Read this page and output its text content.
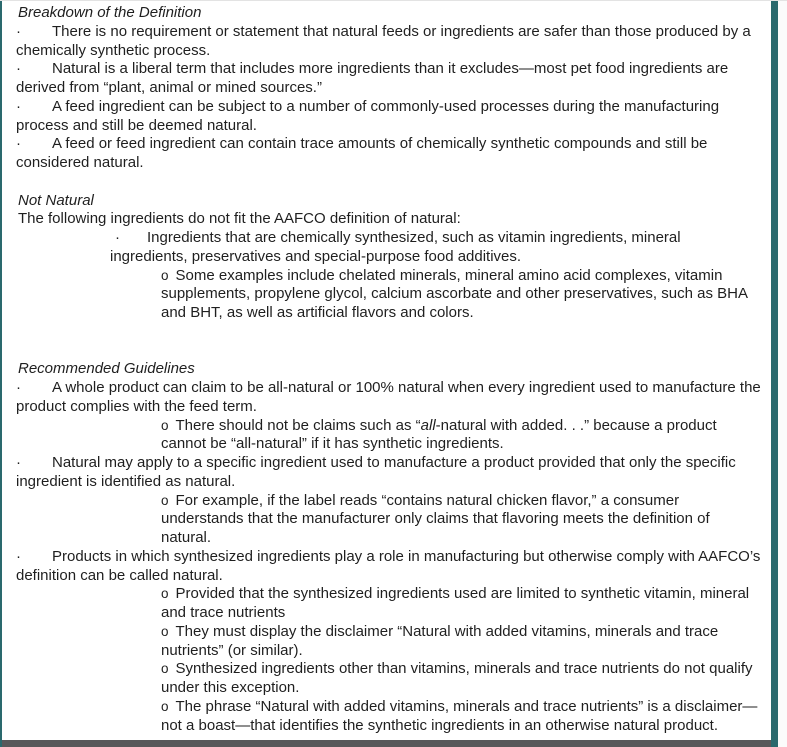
Breakdown of the Definition
· There is no requirement or statement that natural feeds or ingredients are safer than those produced by a chemically synthetic process.
· Natural is a liberal term that includes more ingredients than it excludes—most pet food ingredients are derived from “plant, animal or mined sources.”
· A feed ingredient can be subject to a number of commonly-used processes during the manufacturing process and still be deemed natural.
· A feed or feed ingredient can contain trace amounts of chemically synthetic compounds and still be considered natural.
Not Natural
The following ingredients do not fit the AAFCO definition of natural:
· Ingredients that are chemically synthesized, such as vitamin ingredients, mineral ingredients, preservatives and special-purpose food additives.
o Some examples include chelated minerals, mineral amino acid complexes, vitamin supplements, propylene glycol, calcium ascorbate and other preservatives, such as BHA and BHT, as well as artificial flavors and colors.
Recommended Guidelines
· A whole product can claim to be all-natural or 100% natural when every ingredient used to manufacture the product complies with the feed term.
o There should not be claims such as “all-natural with added. . .” because a product cannot be “all-natural” if it has synthetic ingredients.
· Natural may apply to a specific ingredient used to manufacture a product provided that only the specific ingredient is identified as natural.
o For example, if the label reads “contains natural chicken flavor,” a consumer understands that the manufacturer only claims that flavoring meets the definition of natural.
· Products in which synthesized ingredients play a role in manufacturing but otherwise comply with AAFCO’s definition can be called natural.
o Provided that the synthesized ingredients used are limited to synthetic vitamin, mineral and trace nutrients
o They must display the disclaimer “Natural with added vitamins, minerals and trace nutrients” (or similar).
o Synthesized ingredients other than vitamins, minerals and trace nutrients do not qualify under this exception.
o The phrase “Natural with added vitamins, minerals and trace nutrients” is a disclaimer—not a boast—that identifies the synthetic ingredients in an otherwise natural product.
